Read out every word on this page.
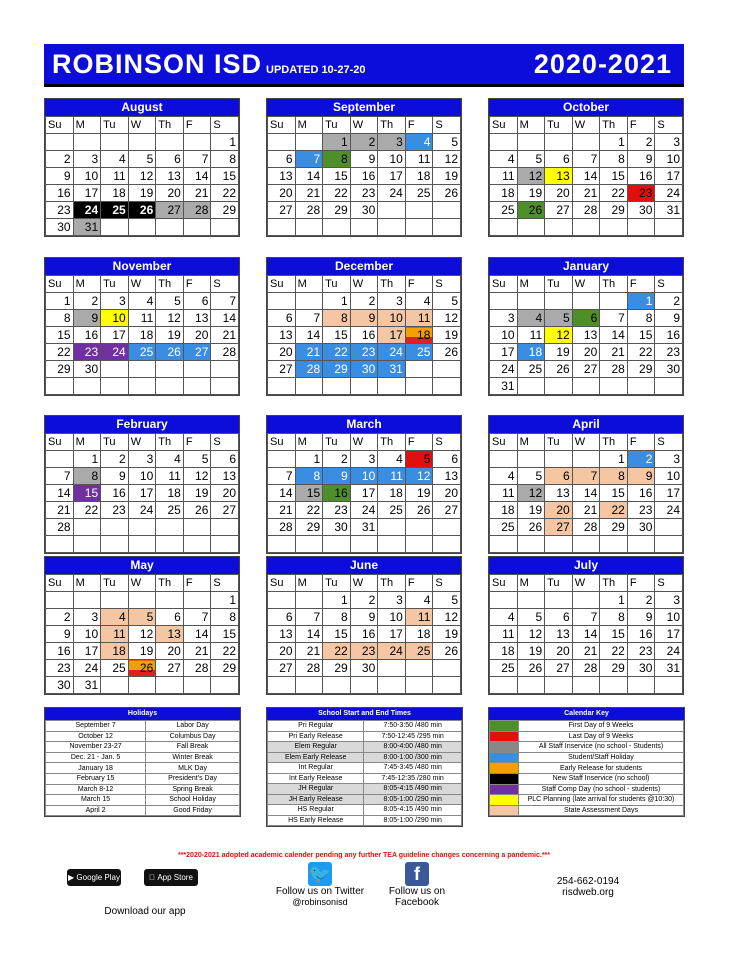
ROBINSON ISD UPDATED 10-27-20	2020-2021
August
Su	M	Tu	W	Th	F	S
						1
2	3	4	5	6	7	8
9	10	11	12	13	14	15
16	17	18	19	20	21	22
23	24	25	26	27	28	29
30	31					
September
Su	M	Tu	W	Th	F	S
		1	2	3	4	5
6	7	8	9	10	11	12
13	14	15	16	17	18	19
20	21	22	23	24	25	26
27	28	29	30			

October
Su	M	Tu	W	Th	F	S
				1	2	3
4	5	6	7	8	9	10
11	12	13	14	15	16	17
18	19	20	21	22	23	24
25	26	27	28	29	30	31

November
Su	M	Tu	W	Th	F	S
1	2	3	4	5	6	7
8	9	10	11	12	13	14
15	16	17	18	19	20	21
22	23	24	25	26	27	28
29	30					

December
Su	M	Tu	W	Th	F	S
		1	2	3	4	5
6	7	8	9	10	11	12
13	14	15	16	17	18	19
20	21	22	23	24	25	26
27	28	29	30	31		

January
Su	M	Tu	W	Th	F	S
					1	2
3	4	5	6	7	8	9
10	11	12	13	14	15	16
17	18	19	20	21	22	23
24	25	26	27	28	29	30
31						
February
Su	M	Tu	W	Th	F	S
	1	2	3	4	5	6
7	8	9	10	11	12	13
14	15	16	17	18	19	20
21	22	23	24	25	26	27
28						

March
Su	M	Tu	W	Th	F	S
	1	2	3	4	5	6
7	8	9	10	11	12	13
14	15	16	17	18	19	20
21	22	23	24	25	26	27
28	29	30	31			

April
Su	M	Tu	W	Th	F	S
				1	2	3
4	5	6	7	8	9	10
11	12	13	14	15	16	17
18	19	20	21	22	23	24
25	26	27	28	29	30	

May
Su	M	Tu	W	Th	F	S
						1
2	3	4	5	6	7	8
9	10	11	12	13	14	15
16	17	18	19	20	21	22
23	24	25	26	27	28	29
30	31					
June
Su	M	Tu	W	Th	F	S
		1	2	3	4	5
6	7	8	9	10	11	12
13	14	15	16	17	18	19
20	21	22	23	24	25	26
27	28	29	30			

July
Su	M	Tu	W	Th	F	S
				1	2	3
4	5	6	7	8	9	10
11	12	13	14	15	16	17
18	19	20	21	22	23	24
25	26	27	28	29	30	31

Holidays
September 7	Labor Day
October 12	Columbus Day
November 23-27	Fall Break
Dec. 21 - Jan. 5	Winter Break
January 18	MLK Day
February 15	President's Day
March 8-12	Spring Break
March 15	School Holiday
April 2	Good Friday
School Start and End Times
Pri Regular	7:50-3:50 /480 min
Pri Early Release	7:50-12:45 /295 min
Elem Regular	8:00-4:00 /480 min
Elem Early Release	8:00-1:00 /300 min
Int Regular	7:45-3:45 /480 min
Int Early Release	7:45-12:35 /280 min
JH Regular	8:05-4:15 /490 min
JH Early Release	8:05-1:00 /290 min
HS Regular	8:05-4:15 /490 min
HS Early Release	8:05-1:00 /290 min
Calendar Key
	First Day of 9 Weeks
	Last Day of 9 Weeks
	All Staff Inservice (no school - Students)
	Student/Staff Holiday
	Early Release for students
	New Staff Inservice (no school)
	Staff Comp Day (no school - students)
	PLC Planning (late arrival for students @10:30)
	State Assessment Days
***2020-2021 adopted academic calender pending any further TEA guideline changes concerning a pandemic.***
▶ Google Play	App Store
Download our app
🐦
Follow us on Twitter
@robinsonisd
f
Follow us on
Facebook
254-662-0194
risdweb.org
